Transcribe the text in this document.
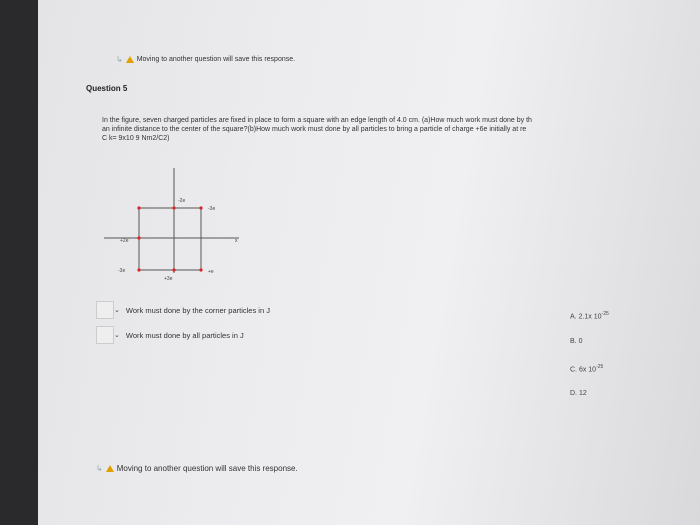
↳ Moving to another question will save this response.
Question 5
In the figure, seven charged particles are fixed in place to form a square with an edge length of 4.0 cm. (a)How much work must done by th
an infinite distance to the center of the square?(b)How much work must done by all particles to bring a particle of charge +6e initially at re
C k= 9x10 9 Nm2/C2)
-2e
-3e
+2e
-3e
+3e
+e
x
⌄ Work must done by the corner particles in J
⌄ Work must done by all particles in J
A. 2.1x $10^{-25}$
B. 0
C. 6x $10^{-25}$
D. 12
↳ Moving to another question will save this response.
